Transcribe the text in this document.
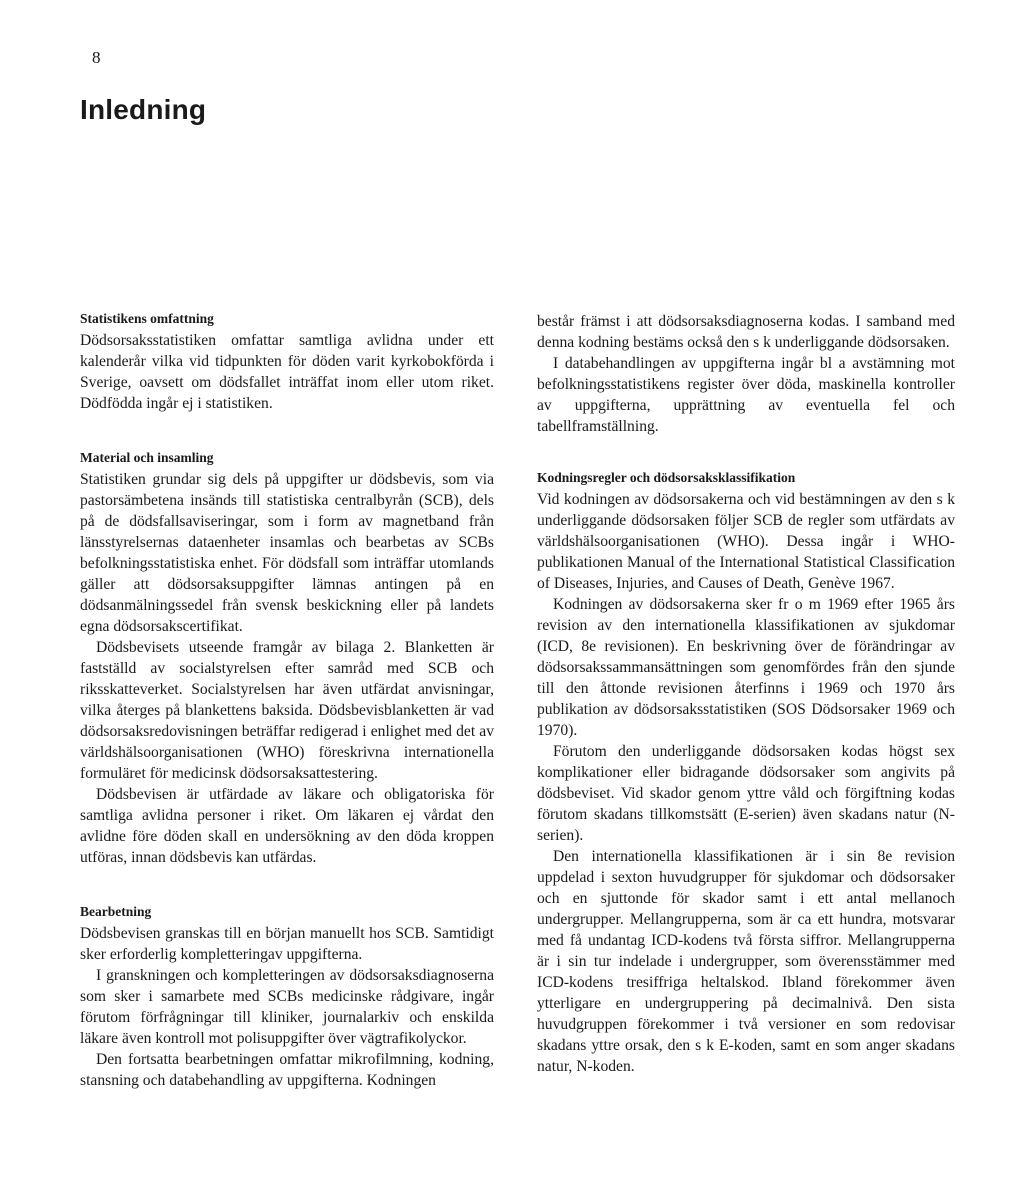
8
Inledning
Statistikens omfattning

Dödsorsaksstatistiken omfattar samtliga avlidna under ett kalenderår vilka vid tidpunkten för döden varit kyrkobokförda i Sverige, oavsett om dödsfallet inträffat inom eller utom riket. Dödfödda ingår ej i statistiken.

Material och insamling

Statistiken grundar sig dels på uppgifter ur dödsbevis, som via pastorsämbetena insänds till statistiska centralbyrån (SCB), dels på de dödsfallsaviseringar, som i form av magnetband från länsstyrelsernas dataenheter insamlas och bearbetas av SCBs befolkningsstatistiska enhet. För dödsfall som inträffar utomlands gäller att dödsorsaksuppgifter lämnas antingen på en dödsanmälningssedel från svensk beskickning eller på landets egna dödsorsakscertifikat.

Dödsbevisets utseende framgår av bilaga 2. Blanketten är fastställd av socialstyrelsen efter samråd med SCB och riksskatteverket. Socialstyrelsen har även utfärdat anvisningar, vilka återges på blankettens baksida. Dödsbevisblanketten är vad dödsorsaksredovisningen beträffar redigerad i enlighet med det av världshälsoorganisationen (WHO) föreskrivna internationella formuläret för medicinsk dödsorsaksattestering.

Dödsbevisen är utfärdade av läkare och obligatoriska för samtliga avlidna personer i riket. Om läkaren ej vårdat den avlidne före döden skall en undersökning av den döda kroppen utföras, innan dödsbevis kan utfärdas.

Bearbetning

Dödsbevisen granskas till en början manuellt hos SCB. Samtidigt sker erforderlig kompletteringav uppgifterna.

I granskningen och kompletteringen av dödsorsaksdiagnoserna som sker i samarbete med SCBs medicinske rådgivare, ingår förutom förfrågningar till kliniker, journalarkiv och enskilda läkare även kontroll mot polisuppgifter över vägtrafikolyckor.

Den fortsatta bearbetningen omfattar mikrofilmning, kodning, stansning och databehandling av uppgifterna. Kodningen

består främst i att dödsorsaksdiagnoserna kodas. I samband med denna kodning bestäms också den s k underliggande dödsorsaken.

I databehandlingen av uppgifterna ingår bl a avstämning mot befolkningsstatistikens register över döda, maskinella kontroller av uppgifterna, upprättning av eventuella fel och tabellframställning.

Kodningsregler och dödsorsaksklassifikation

Vid kodningen av dödsorsakerna och vid bestämningen av den s k underliggande dödsorsaken följer SCB de regler som utfärdats av världshälsoorganisationen (WHO). Dessa ingår i WHO-publikationen Manual of the International Statistical Classification of Diseases, Injuries, and Causes of Death, Genève 1967.

Kodningen av dödsorsakerna sker fr o m 1969 efter 1965 års revision av den internationella klassifikationen av sjukdomar (ICD, 8e revisionen). En beskrivning över de förändringar av dödsorsakssammansättningen som genomfördes från den sjunde till den åttonde revisionen återfinns i 1969 och 1970 års publikation av dödsorsaksstatistiken (SOS Dödsorsaker 1969 och 1970).

Förutom den underliggande dödsorsaken kodas högst sex komplikationer eller bidragande dödsorsaker som angivits på dödsbeviset. Vid skador genom yttre våld och förgiftning kodas förutom skadans tillkomstsätt (E-serien) även skadans natur (N-serien).

Den internationella klassifikationen är i sin 8e revision uppdelad i sexton huvudgrupper för sjukdomar och dödsorsaker och en sjuttonde för skador samt i ett antal mellanoch undergrupper. Mellangrupperna, som är ca ett hundra, motsvarar med få undantag ICD-kodens två första siffror. Mellangrupperna är i sin tur indelade i undergrupper, som överensstämmer med ICD-kodens tresiffriga heltalskod. Ibland förekommer även ytterligare en undergruppering på decimalnivå. Den sista huvudgruppen förekommer i två versioner en som redovisar skadans yttre orsak, den s k E-koden, samt en som anger skadans natur, N-koden.
